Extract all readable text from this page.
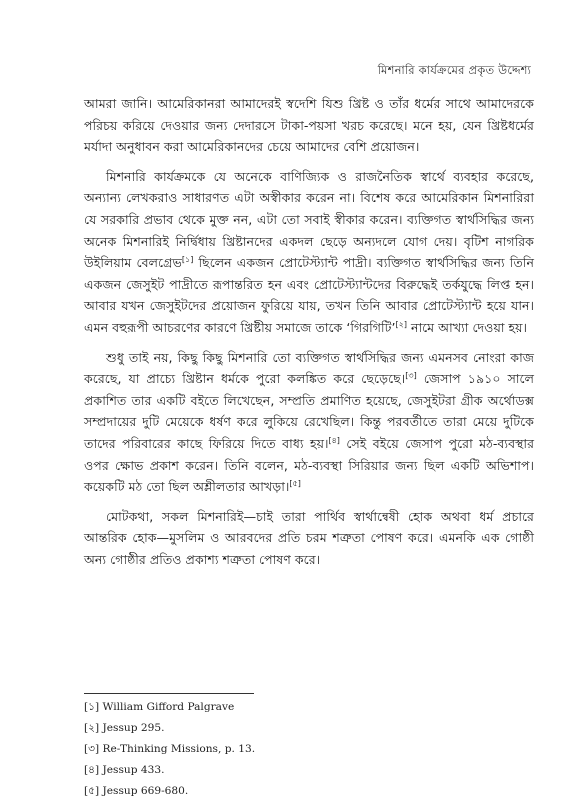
মিশনারি কার্যক্রমের প্রকৃত উদ্দেশ্য

আমরা জানি। আমেরিকানরা আমাদেরই স্বদেশি যিশু খ্রিষ্ট ও তাঁর ধর্মের সাথে আমাদেরকে পরিচয় করিয়ে দেওয়ার জন্য দেদারসে টাকা-পয়সা খরচ করেছে। মনে হয়, যেন খ্রিষ্টধর্মের মর্যাদা অনুধাবন করা আমেরিকানদের চেয়ে আমাদের বেশি প্রয়োজন।

মিশনারি কার্যক্রমকে যে অনেকে বাণিজ্যিক ও রাজনৈতিক স্বার্থে ব্যবহার করেছে, অন্যান্য লেখকরাও সাধারণত এটা অস্বীকার করেন না। বিশেষ করে আমেরিকান মিশনারিরা যে সরকারি প্রভাব থেকে মুক্ত নন, এটা তো সবাই স্বীকার করেন। ব্যক্তিগত স্বার্থসিদ্ধির জন্য অনেক মিশনারিই নির্দ্বিধায় খ্রিষ্টানদের একদল ছেড়ে অন্যদলে যোগ দেয়। বৃটিশ নাগরিক উইলিয়াম বেলগ্রেভ[১] ছিলেন একজন প্রোটেস্ট্যান্ট পাদ্রী। ব্যক্তিগত স্বার্থসিদ্ধির জন্য তিনি একজন জেসুইট পাদ্রীতে রূপান্তরিত হন এবং প্রোটেস্ট্যান্টদের বিরুদ্ধেই তর্কযুদ্ধে লিপ্ত হন। আবার যখন জেসুইটদের প্রয়োজন ফুরিয়ে যায়, তখন তিনি আবার প্রোটেস্ট্যান্ট হয়ে যান। এমন বহুরূপী আচরণের কারণে খ্রিষ্টীয় সমাজে তাকে ‘গিরগিটি’[২] নামে আখ্যা দেওয়া হয়।

শুধু তাই নয়, কিছু কিছু মিশনারি তো ব্যক্তিগত স্বার্থসিদ্ধির জন্য এমনসব নোংরা কাজ করেছে, যা প্রাচ্যে খ্রিষ্টান ধর্মকে পুরো কলঙ্কিত করে ছেড়েছে।[৩] জেসাপ ১৯১০ সালে প্রকাশিত তার একটি বইতে লিখেছেন, সম্প্রতি প্রমাণিত হয়েছে, জেসুইটরা গ্রীক অর্থোডক্স সম্প্রদায়ের দুটি মেয়েকে ধর্ষণ করে লুকিয়ে রেখেছিল। কিন্তু পরবর্তীতে তারা মেয়ে দুটিকে তাদের পরিবারের কাছে ফিরিয়ে দিতে বাধ্য হয়।[৪] সেই বইয়ে জেসাপ পুরো মঠ-ব্যবস্থার ওপর ক্ষোভ প্রকাশ করেন। তিনি বলেন, মঠ-ব্যবস্থা সিরিয়ার জন্য ছিল একটি অভিশাপ। কয়েকটি মঠ তো ছিল অশ্লীলতার আখড়া।[৫]

মোটকথা, সকল মিশনারিই—চাই তারা পার্থিব স্বার্থান্বেষী হোক অথবা ধর্ম প্রচারে আন্তরিক হোক—মুসলিম ও আরবদের প্রতি চরম শত্রুতা পোষণ করে। এমনকি এক গোষ্ঠী অন্য গোষ্ঠীর প্রতিও প্রকাশ্য শত্রুতা পোষণ করে।

[১] William Gifford Palgrave
[২] Jessup 295.
[৩] Re-Thinking Missions, p. 13.
[৪] Jessup 433.
[৫] Jessup 669-680.
